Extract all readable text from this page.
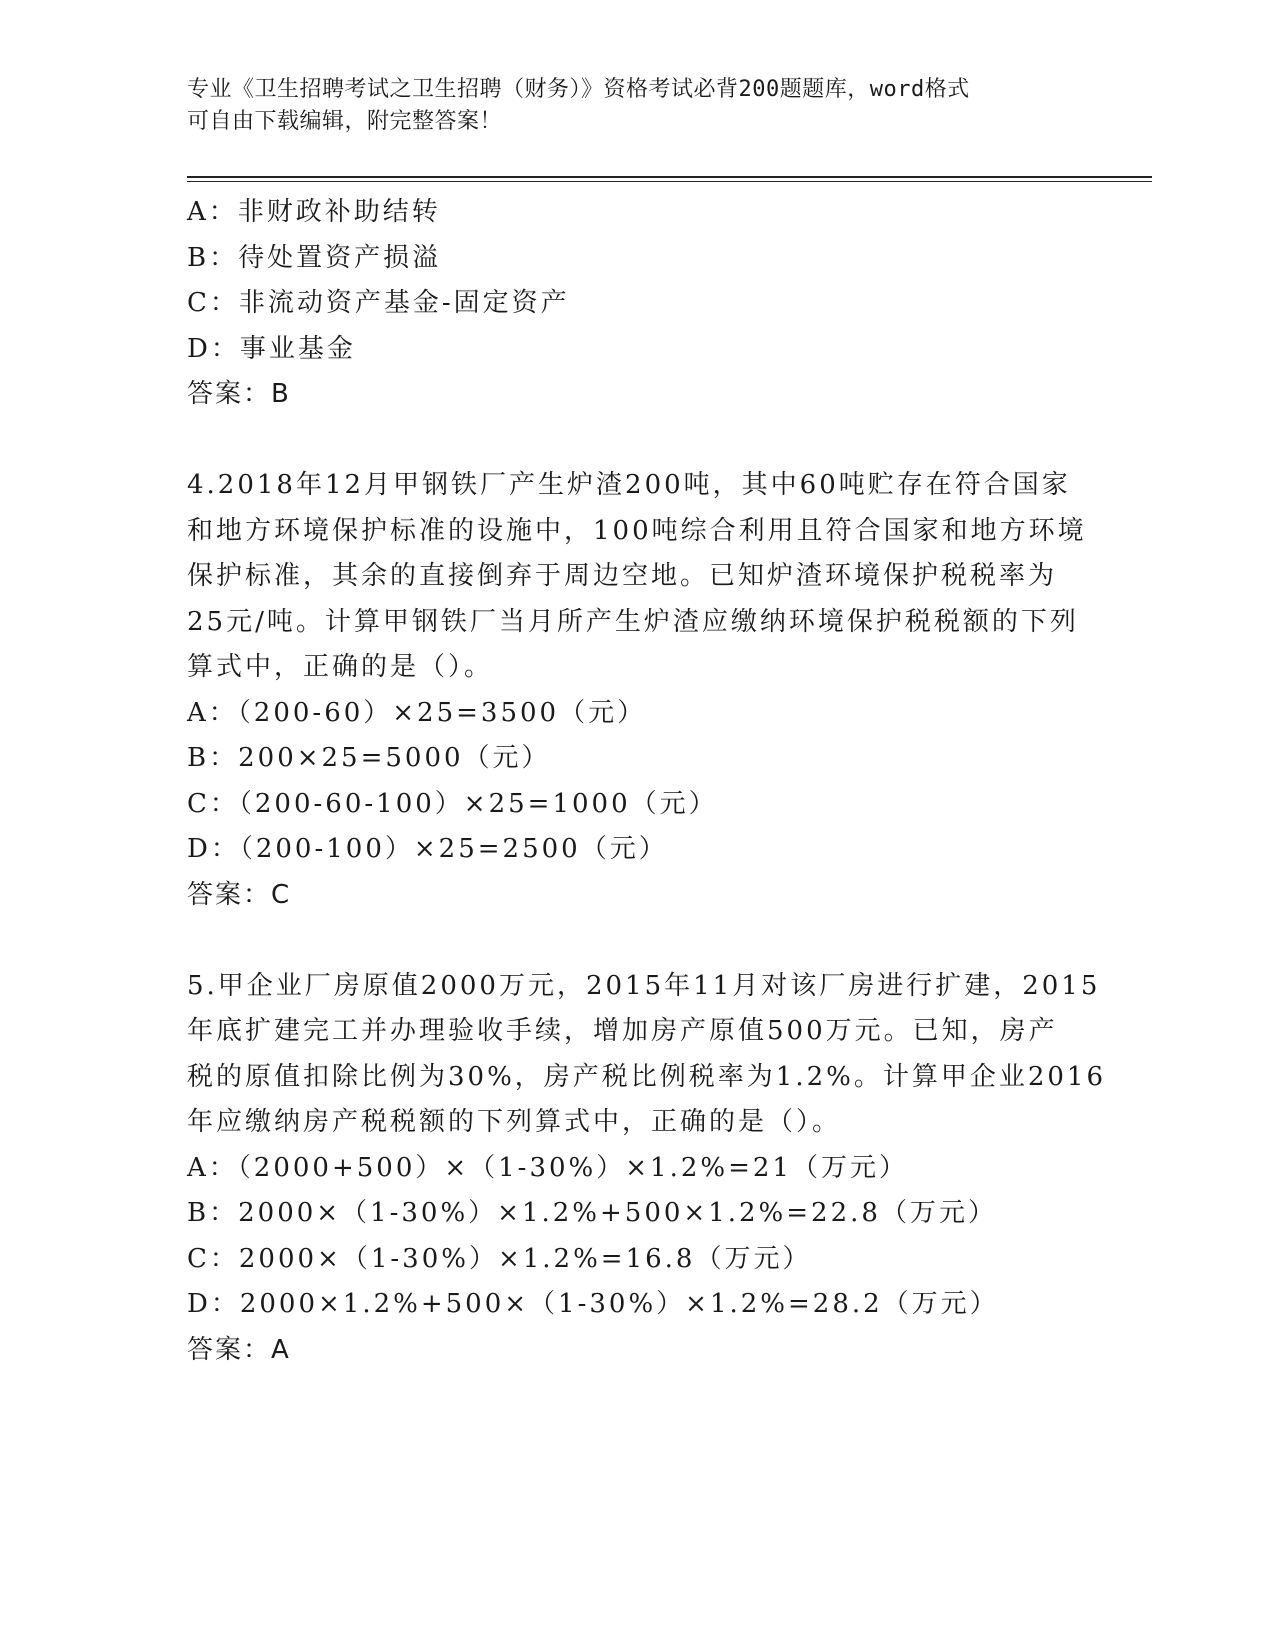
专业《卫生招聘考试之卫生招聘（财务）》资格考试必背200题题库，word格式
可自由下载编辑，附完整答案！
A：非财政补助结转
B：待处置资产损溢
C：非流动资产基金-固定资产
D：事业基金
答案：B
4.2018年12月甲钢铁厂产生炉渣200吨，其中60吨贮存在符合国家
和地方环境保护标准的设施中，100吨综合利用且符合国家和地方环境
保护标准，其余的直接倒弃于周边空地。已知炉渣环境保护税税率为
25元/吨。计算甲钢铁厂当月所产生炉渣应缴纳环境保护税税额的下列
算式中，正确的是（）。
A：（200-60）×25=3500（元）
B：200×25=5000（元）
C：（200-60-100）×25=1000（元）
D：（200-100）×25=2500（元）
答案：C
5.甲企业厂房原值2000万元，2015年11月对该厂房进行扩建，2015
年底扩建完工并办理验收手续，增加房产原值500万元。已知，房产
税的原值扣除比例为30%，房产税比例税率为1.2%。计算甲企业2016
年应缴纳房产税税额的下列算式中，正确的是（）。
A：（2000+500）×（1-30%）×1.2%=21（万元）
B：2000×（1-30%）×1.2%+500×1.2%=22.8（万元）
C：2000×（1-30%）×1.2%=16.8（万元）
D：2000×1.2%+500×（1-30%）×1.2%=28.2（万元）
答案：A
